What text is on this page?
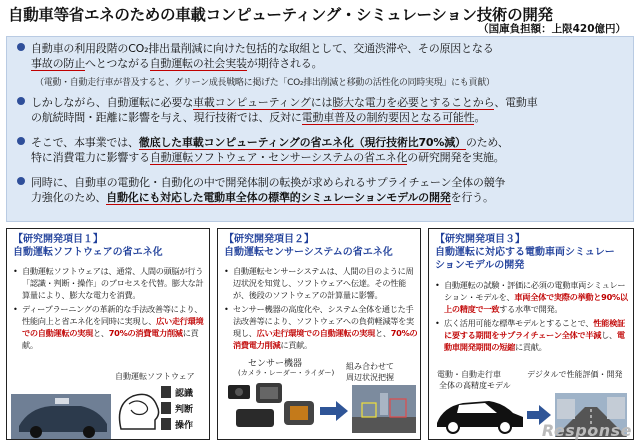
自動車等省エネのための車載コンピューティング・シミュレーション技術の開発
（国庫負担額：上限420億円）
自動車の利用段階のCO₂排出量削減に向けた包括的な取組として、交通渋滞や、その原因となる
事故の防止へとつながる自動運転の社会実装が期待される。
（電動・自動走行車が普及すると、グリーン成長戦略に掲げた「CO₂排出削減と移動の活性化の同時実現」にも貢献）
しかしながら、自動運転に必要な車載コンピューティングには膨大な電力を必要とすることから、電動車
の航続時間・距離に影響を与え、現行技術では、反対に電動車普及の制約要因となる可能性。
そこで、本事業では、徹底した車載コンピューティングの省エネ化（現行技術比70%減）のため、
特に消費電力に影響する自動運転ソフトウェア・センサーシステムの省エネ化の研究開発を実施。
同時に、自動車の電動化・自動化の中で開発体制の転換が求められるサプライチェーン全体の競争
力強化のため、自動化にも対応した電動車全体の標準的シミュレーションモデルの開発を行う。
【研究開発項目１】
自動運転ソフトウェアの省エネ化
• 自動運転ソフトウェアは、通常、人間の頭脳が行う「認識・判断・操作」のプロセスを代替。膨大な計算量により、膨大な電力を消費。
• ディープラーニングの革新的な手法改善等により、性能向上と省エネ化を同時に実現し、広い走行環境での自動運転の実現と、70%の消費電力削減に貢献。
自動運転ソフトウェア
認識
判断
操作
【研究開発項目２】
自動運転センサーシステムの省エネ化
• 自動運転センサーシステムは、人間の目のように周辺状況を知覚し、ソフトウェアへ伝達。その性能が、後段のソフトウェアの計算量に影響。
• センサー機器の高度化や、システム全体を通じた手法改善等により、ソフトウェアへの負荷軽減等を実現し、広い走行環境での自動運転の実現と、70%の消費電力削減に貢献。
センサー機器
(カメラ・レーダー・ライダー)
組み合わせて
周辺状況把握
【研究開発項目３】
自動運転に対応する電動車両シミュレーションモデルの開発
• 自動運転の試験・評価に必須の電動車両シミュレーション・モデルを、車両全体で実際の挙動と90%以上の精度で一致する水準で開発。
• 広く活用可能な標準モデルとすることで、性能検証に要する期間をサプライチェーン全体で半減し、電動車開発期間の短縮に貢献。
電動・自動走行車
全体の高精度モデル
デジタルで性能評価・開発
Response
